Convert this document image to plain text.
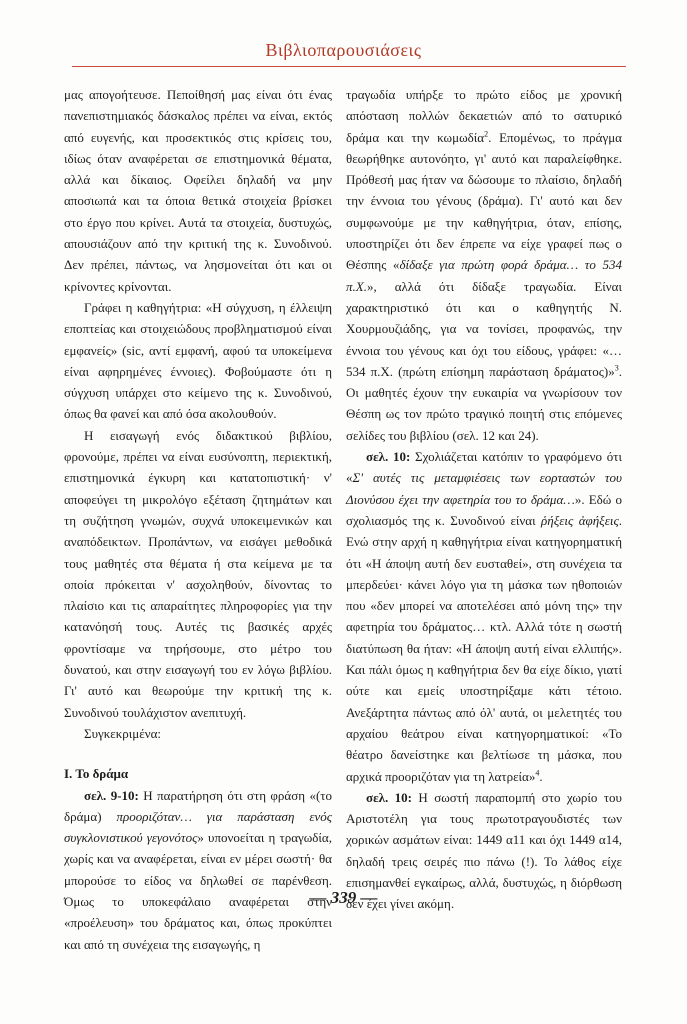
Βιβλιοπαρουσιάσεις

μας απογοήτευσε. Πεποίθησή μας είναι ότι ένας πανεπιστημιακός δάσκαλος πρέπει να είναι, εκτός από ευγενής, και προσεκτικός στις κρίσεις του, ιδίως όταν αναφέρεται σε επιστημονικά θέματα, αλλά και δίκαιος. Οφείλει δηλαδή να μην αποσιωπά και τα όποια θετικά στοιχεία βρίσκει στο έργο που κρίνει. Αυτά τα στοιχεία, δυστυχώς, απουσιάζουν από την κριτική της κ. Συνοδινού. Δεν πρέπει, πάντως, να λησμονείται ότι και οι κρίνοντες κρίνονται.

Γράφει η καθηγήτρια: «Η σύγχυση, η έλλειψη εποπτείας και στοιχειώδους προβληματισμού είναι εμφανείς» (sic, αντί εμφανή, αφού τα υποκείμενα είναι αφηρημένες έννοιες). Φοβούμαστε ότι η σύγχυση υπάρχει στο κείμενο της κ. Συνοδινού, όπως θα φανεί και από όσα ακολουθούν.

Η εισαγωγή ενός διδακτικού βιβλίου, φρονούμε, πρέπει να είναι ευσύνοπτη, περιεκτική, επιστημονικά έγκυρη και κατατοπιστική· ν' αποφεύγει τη μικρολόγο εξέταση ζητημάτων και τη συζήτηση γνωμών, συχνά υποκειμενικών και αναπόδεικτων. Προπάντων, να εισάγει μεθοδικά τους μαθητές στα θέματα ή στα κείμενα με τα οποία πρόκειται ν' ασχοληθούν, δίνοντας το πλαίσιο και τις απαραίτητες πληροφορίες για την κατανόησή τους. Αυτές τις βασικές αρχές φροντίσαμε να τηρήσουμε, στο μέτρο του δυνατού, και στην εισαγωγή του εν λόγω βιβλίου. Γι' αυτό και θεωρούμε την κριτική της κ. Συνοδινού τουλάχιστον ανεπιτυχή.

Συγκεκριμένα:

Ι. Το δράμα

σελ. 9-10: Η παρατήρηση ότι στη φράση «(το δράμα) προοριζόταν… για παράσταση ενός συγκλονιστικού γεγονότος» υπονοείται η τραγωδία, χωρίς και να αναφέρεται, είναι εν μέρει σωστή· θα μπορούσε το είδος να δηλωθεί σε παρένθεση. Όμως το υποκεφάλαιο αναφέρεται στην «προέλευση» του δράματος και, όπως προκύπτει και από τη συνέχεια της εισαγωγής, η

τραγωδία υπήρξε το πρώτο είδος με χρονική απόσταση πολλών δεκαετιών από το σατυρικό δράμα και την κωμωδία$^2$. Επομένως, το πράγμα θεωρήθηκε αυτονόητο, γι' αυτό και παραλείφθηκε. Πρόθεσή μας ήταν να δώσουμε το πλαίσιο, δηλαδή την έννοια του γένους (δράμα). Γι' αυτό και δεν συμφωνούμε με την καθηγήτρια, όταν, επίσης, υποστηρίζει ότι δεν έπρεπε να είχε γραφεί πως ο Θέσπης «δίδαξε για πρώτη φορά δράμα… το 534 π.Χ.», αλλά ότι δίδαξε τραγωδία. Είναι χαρακτηριστικό ότι και ο καθηγητής Ν. Χουρμουζιάδης, για να τονίσει, προφανώς, την έννοια του γένους και όχι του είδους, γράφει: «…534 π.Χ. (πρώτη επίσημη παράσταση δράματος)»$^3$. Οι μαθητές έχουν την ευκαιρία να γνωρίσουν τον Θέσπη ως τον πρώτο τραγικό ποιητή στις επόμενες σελίδες του βιβλίου (σελ. 12 και 24).

σελ. 10: Σχολιάζεται κατόπιν το γραφόμενο ότι «Σ' αυτές τις μεταμφιέσεις των εορταστών του Διονύσου έχει την αφετηρία του το δράμα…». Εδώ ο σχολιασμός της κ. Συνοδινού είναι ῥήξεις ἀφήξεις. Ενώ στην αρχή η καθηγήτρια είναι κατηγορηματική ότι «Η άποψη αυτή δεν ευσταθεί», στη συνέχεια τα μπερδεύει· κάνει λόγο για τη μάσκα των ηθοποιών που «δεν μπορεί να αποτελέσει από μόνη της» την αφετηρία του δράματος… κτλ. Αλλά τότε η σωστή διατύπωση θα ήταν: «Η άποψη αυτή είναι ελλιπής». Και πάλι όμως η καθηγήτρια δεν θα είχε δίκιο, γιατί ούτε και εμείς υποστηρίξαμε κάτι τέτοιο. Ανεξάρτητα πάντως από όλ' αυτά, οι μελετητές του αρχαίου θεάτρου είναι κατηγορηματικοί: «Το θέατρο δανείστηκε και βελτίωσε τη μάσκα, που αρχικά προοριζόταν για τη λατρεία»$^4$.

σελ. 10: Η σωστή παραπομπή στο χωρίο του Αριστοτέλη για τους πρωτοτραγουδιστές των χορικών ασμάτων είναι: 1449 α11 και όχι 1449 α14, δηλαδή τρεις σειρές πιο πάνω (!). Το λάθος είχε επισημανθεί εγκαίρως, αλλά, δυστυχώς, η διόρθωση δεν έχει γίνει ακόμη.

— 339 —
